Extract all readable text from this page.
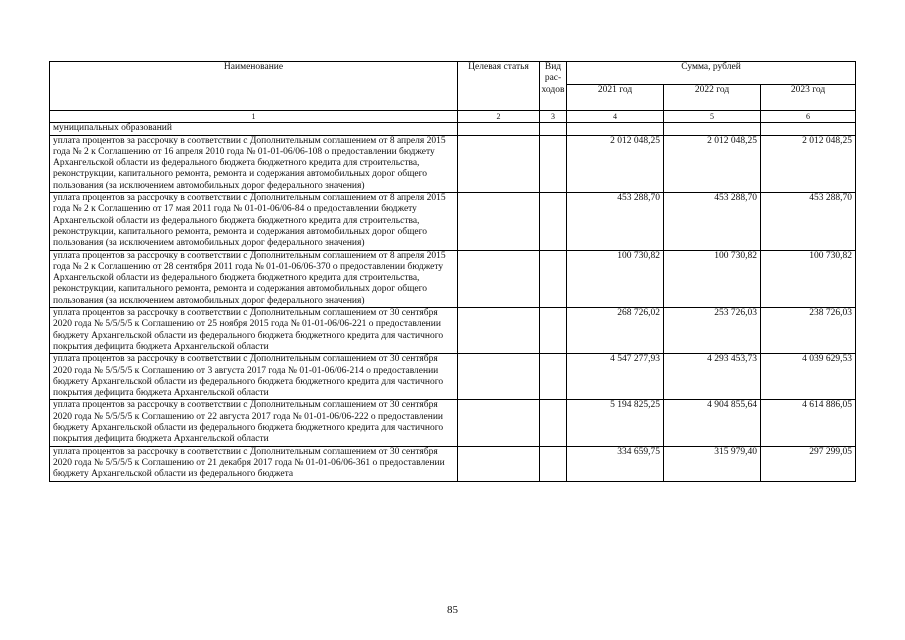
Наименование	Целевая статья	Вид рас-ходов	Сумма, рублей		
			2021 год	2022 год	2023 год
1	2	3	4	5	6
муниципальных образований					
уплата процентов за рассрочку в соответствии с Дополнительным соглашением от 8 апреля 2015 года № 2 к Соглашению от 16 апреля 2010 года № 01-01-06/06-108 о предоставлении бюджету Архангельской области из федерального бюджета бюджетного кредита для строительства, реконструкции, капитального ремонта, ремонта и содержания автомобильных дорог общего пользования (за исключением автомобильных дорог федерального значения)			2 012 048,25	2 012 048,25	2 012 048,25
уплата процентов за рассрочку в соответствии с Дополнительным соглашением от 8 апреля 2015 года № 2 к Соглашению от 17 мая 2011 года № 01-01-06/06-84 о предоставлении бюджету Архангельской области из федерального бюджета бюджетного кредита для строительства, реконструкции, капитального ремонта, ремонта и содержания автомобильных дорог общего пользования (за исключением автомобильных дорог федерального значения)			453 288,70	453 288,70	453 288,70
уплата процентов за рассрочку в соответствии с Дополнительным соглашением от 8 апреля 2015 года № 2 к Соглашению от 28 сентября 2011 года № 01-01-06/06-370 о предоставлении бюджету Архангельской области из федерального бюджета бюджетного кредита для строительства, реконструкции, капитального ремонта, ремонта и содержания автомобильных дорог общего пользования (за исключением автомобильных дорог федерального значения)			100 730,82	100 730,82	100 730,82
уплата процентов за рассрочку в соответствии с Дополнительным соглашением от 30 сентября 2020 года № 5/5/5/5 к Соглашению от 25 ноября 2015 года № 01-01-06/06-221 о предоставлении бюджету Архангельской области из федерального бюджета бюджетного кредита для частичного покрытия дефицита бюджета Архангельской области			268 726,02	253 726,03	238 726,03
уплата процентов за рассрочку в соответствии с Дополнительным соглашением от 30 сентября 2020 года № 5/5/5/5 к Соглашению от 3 августа 2017 года № 01-01-06/06-214 о предоставлении бюджету Архангельской области из федерального бюджета бюджетного кредита для частичного покрытия дефицита бюджета Архангельской области			4 547 277,93	4 293 453,73	4 039 629,53
уплата процентов за рассрочку в соответствии с Дополнительным соглашением от 30 сентября 2020 года № 5/5/5/5 к Соглашению от 22 августа 2017 года № 01-01-06/06-222 о предоставлении бюджету Архангельской области из федерального бюджета бюджетного кредита для частичного покрытия дефицита бюджета Архангельской области			5 194 825,25	4 904 855,64	4 614 886,05
уплата процентов за рассрочку в соответствии с Дополнительным соглашением от 30 сентября 2020 года № 5/5/5/5 к Соглашению от 21 декабря 2017 года № 01-01-06/06-361 о предоставлении бюджету Архангельской области из федерального бюджета			334 659,75	315 979,40	297 299,05
85
